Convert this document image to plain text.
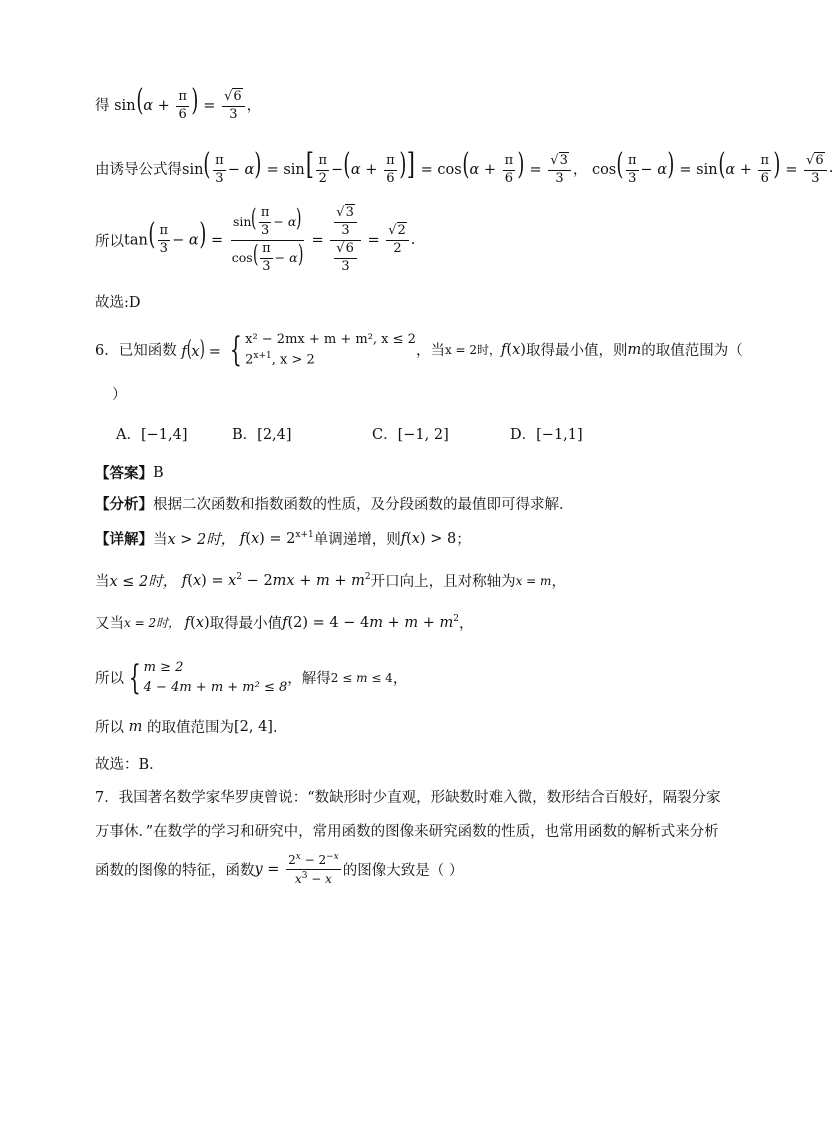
得 $\sin(\alpha + \frac{\pi}{6}$ ) = $\frac{√6}{3}$ ，
由诱导公式得 $\sin( \frac{\pi}{3} - \alpha) = \sin[ \frac{\pi}{2} -(\alpha + \frac{\pi}{6}$ )] = $\cos(\alpha + \frac{\pi}{6}$ ) = $\frac{√3}{3}$ ， $\cos( \frac{\pi}{3} - \alpha) = \sin(\alpha + \frac{\pi}{6}$ ) = $\frac{√6}{3}$ .
所以 $\tan( \frac{\pi}{3} - \alpha) = \frac{\sin( \frac{\pi}{3} - \alpha)}{\cos( \frac{\pi}{3} - \alpha)} = \frac{\frac{√3}{3}}{\frac{√6}{3}} = \frac{√2}{2}$ .
故选:D
6．已知函数 f(x) = { x² − 2mx + m + m², x ≤ 2
$2^{x+1}$, x > 2
，当 x = 2时， f(x) 取得最小值，则 m 的取值范围为（
）
A．[−1,4]	B．[2,4]	C．[−1, 2]	D．[−1,1]
【答案】 B
【分析】 根据二次函数和指数函数的性质，及分段函数的最值即可得求解．
【详解】 当 x > 2时， $f(x) = 2^{x+1}$ 单调递增，则 f(x) > 8 ；
当 x ≤ 2时， $f(x) = x^2 - 2mx + m + m^2$ 开口向上，且对称轴为 x = m ，
又当 x = 2时， f(x) 取得最小值 $f(2) = 4 - 4m + m + m^2$ ，
所以 { m ≥ 2
4 − 4m + m + m² ≤ 8 ，解得 2 ≤ m ≤ 4 ，
所以 m 的取值范围为 [2, 4] ．
故选：B．
7．我国著名数学家华罗庚曾说：“数缺形时少直观，形缺数时难入微，数形结合百般好，隔裂分家
万事休．”在数学的学习和研究中，常用函数的图像来研究函数的性质，也常用函数的解析式来分析
函数的图像的特征，函数 $y = \frac{2^x - 2^{-x}}{x^3 - x}$ 的图像大致是（ ）
